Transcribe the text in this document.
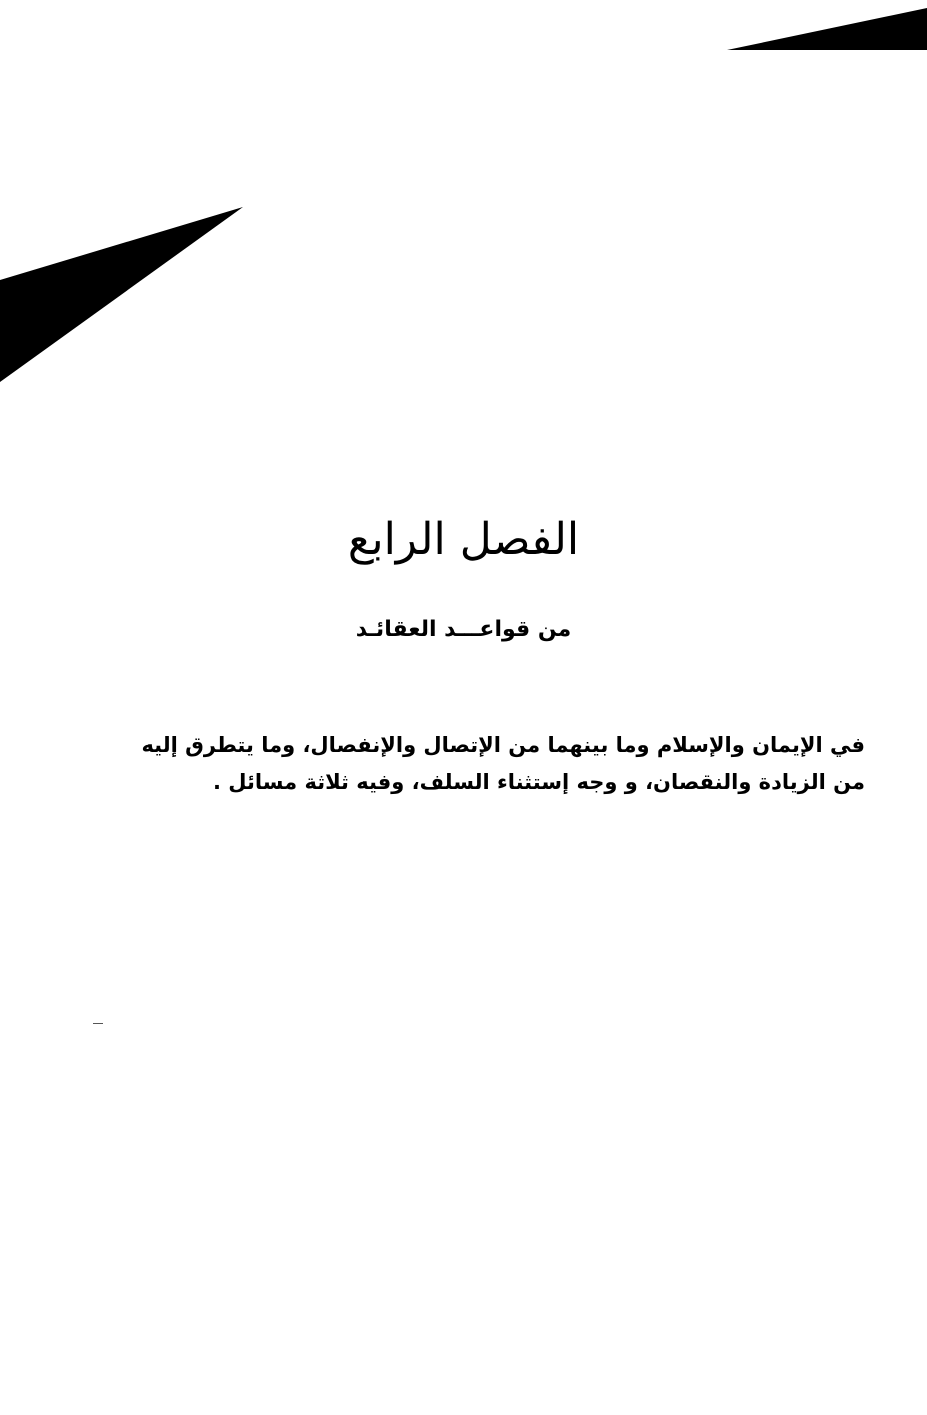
الفصل الرابع
من قواعـــد العقائـد

في الإيمان والإسلام وما بينهما من الإتصال والإنفصال، وما يتطرق إليه من الزيادة والنقصان، و وجه إستثناء السلف، وفيه ثلاثة مسائل .
